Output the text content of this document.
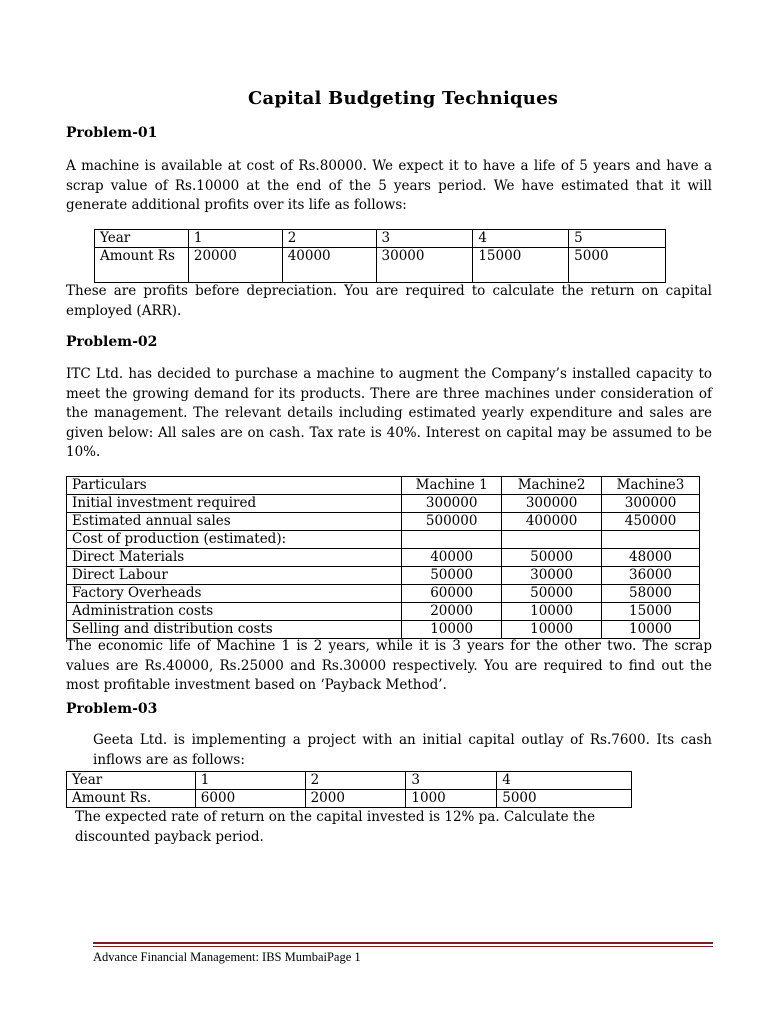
Capital Budgeting Techniques
Problem-01
A machine is available at cost of Rs.80000. We expect it to have a life of 5 years and have a scrap value of Rs.10000 at the end of the 5 years period. We have estimated that it will generate additional profits over its life as follows:
Year	1	2	3	4	5
Amount Rs	20000	40000	30000	15000	5000
These are profits before depreciation. You are required to calculate the return on capital employed (ARR).
Problem-02
ITC Ltd. has decided to purchase a machine to augment the Company’s installed capacity to meet the growing demand for its products. There are three machines under consideration of the management. The relevant details including estimated yearly expenditure and sales are given below: All sales are on cash. Tax rate is 40%. Interest on capital may be assumed to be 10%.
Particulars	Machine 1	Machine2	Machine3
Initial investment required	300000	300000	300000
Estimated annual sales	500000	400000	450000
Cost of production (estimated):			
Direct Materials	40000	50000	48000
Direct Labour	50000	30000	36000
Factory Overheads	60000	50000	58000
Administration costs	20000	10000	15000
Selling and distribution costs	10000	10000	10000
The economic life of Machine 1 is 2 years, while it is 3 years for the other two. The scrap values are Rs.40000, Rs.25000 and Rs.30000 respectively. You are required to find out the most profitable investment based on ‘Payback Method’.
Problem-03
Geeta Ltd. is implementing a project with an initial capital outlay of Rs.7600. Its cash inflows are as follows:
Year	1	2	3	4
Amount Rs.	6000	2000	1000	5000
The expected rate of return on the capital invested is 12% pa. Calculate the discounted payback period.
Advance Financial Management: IBS MumbaiPage 1
